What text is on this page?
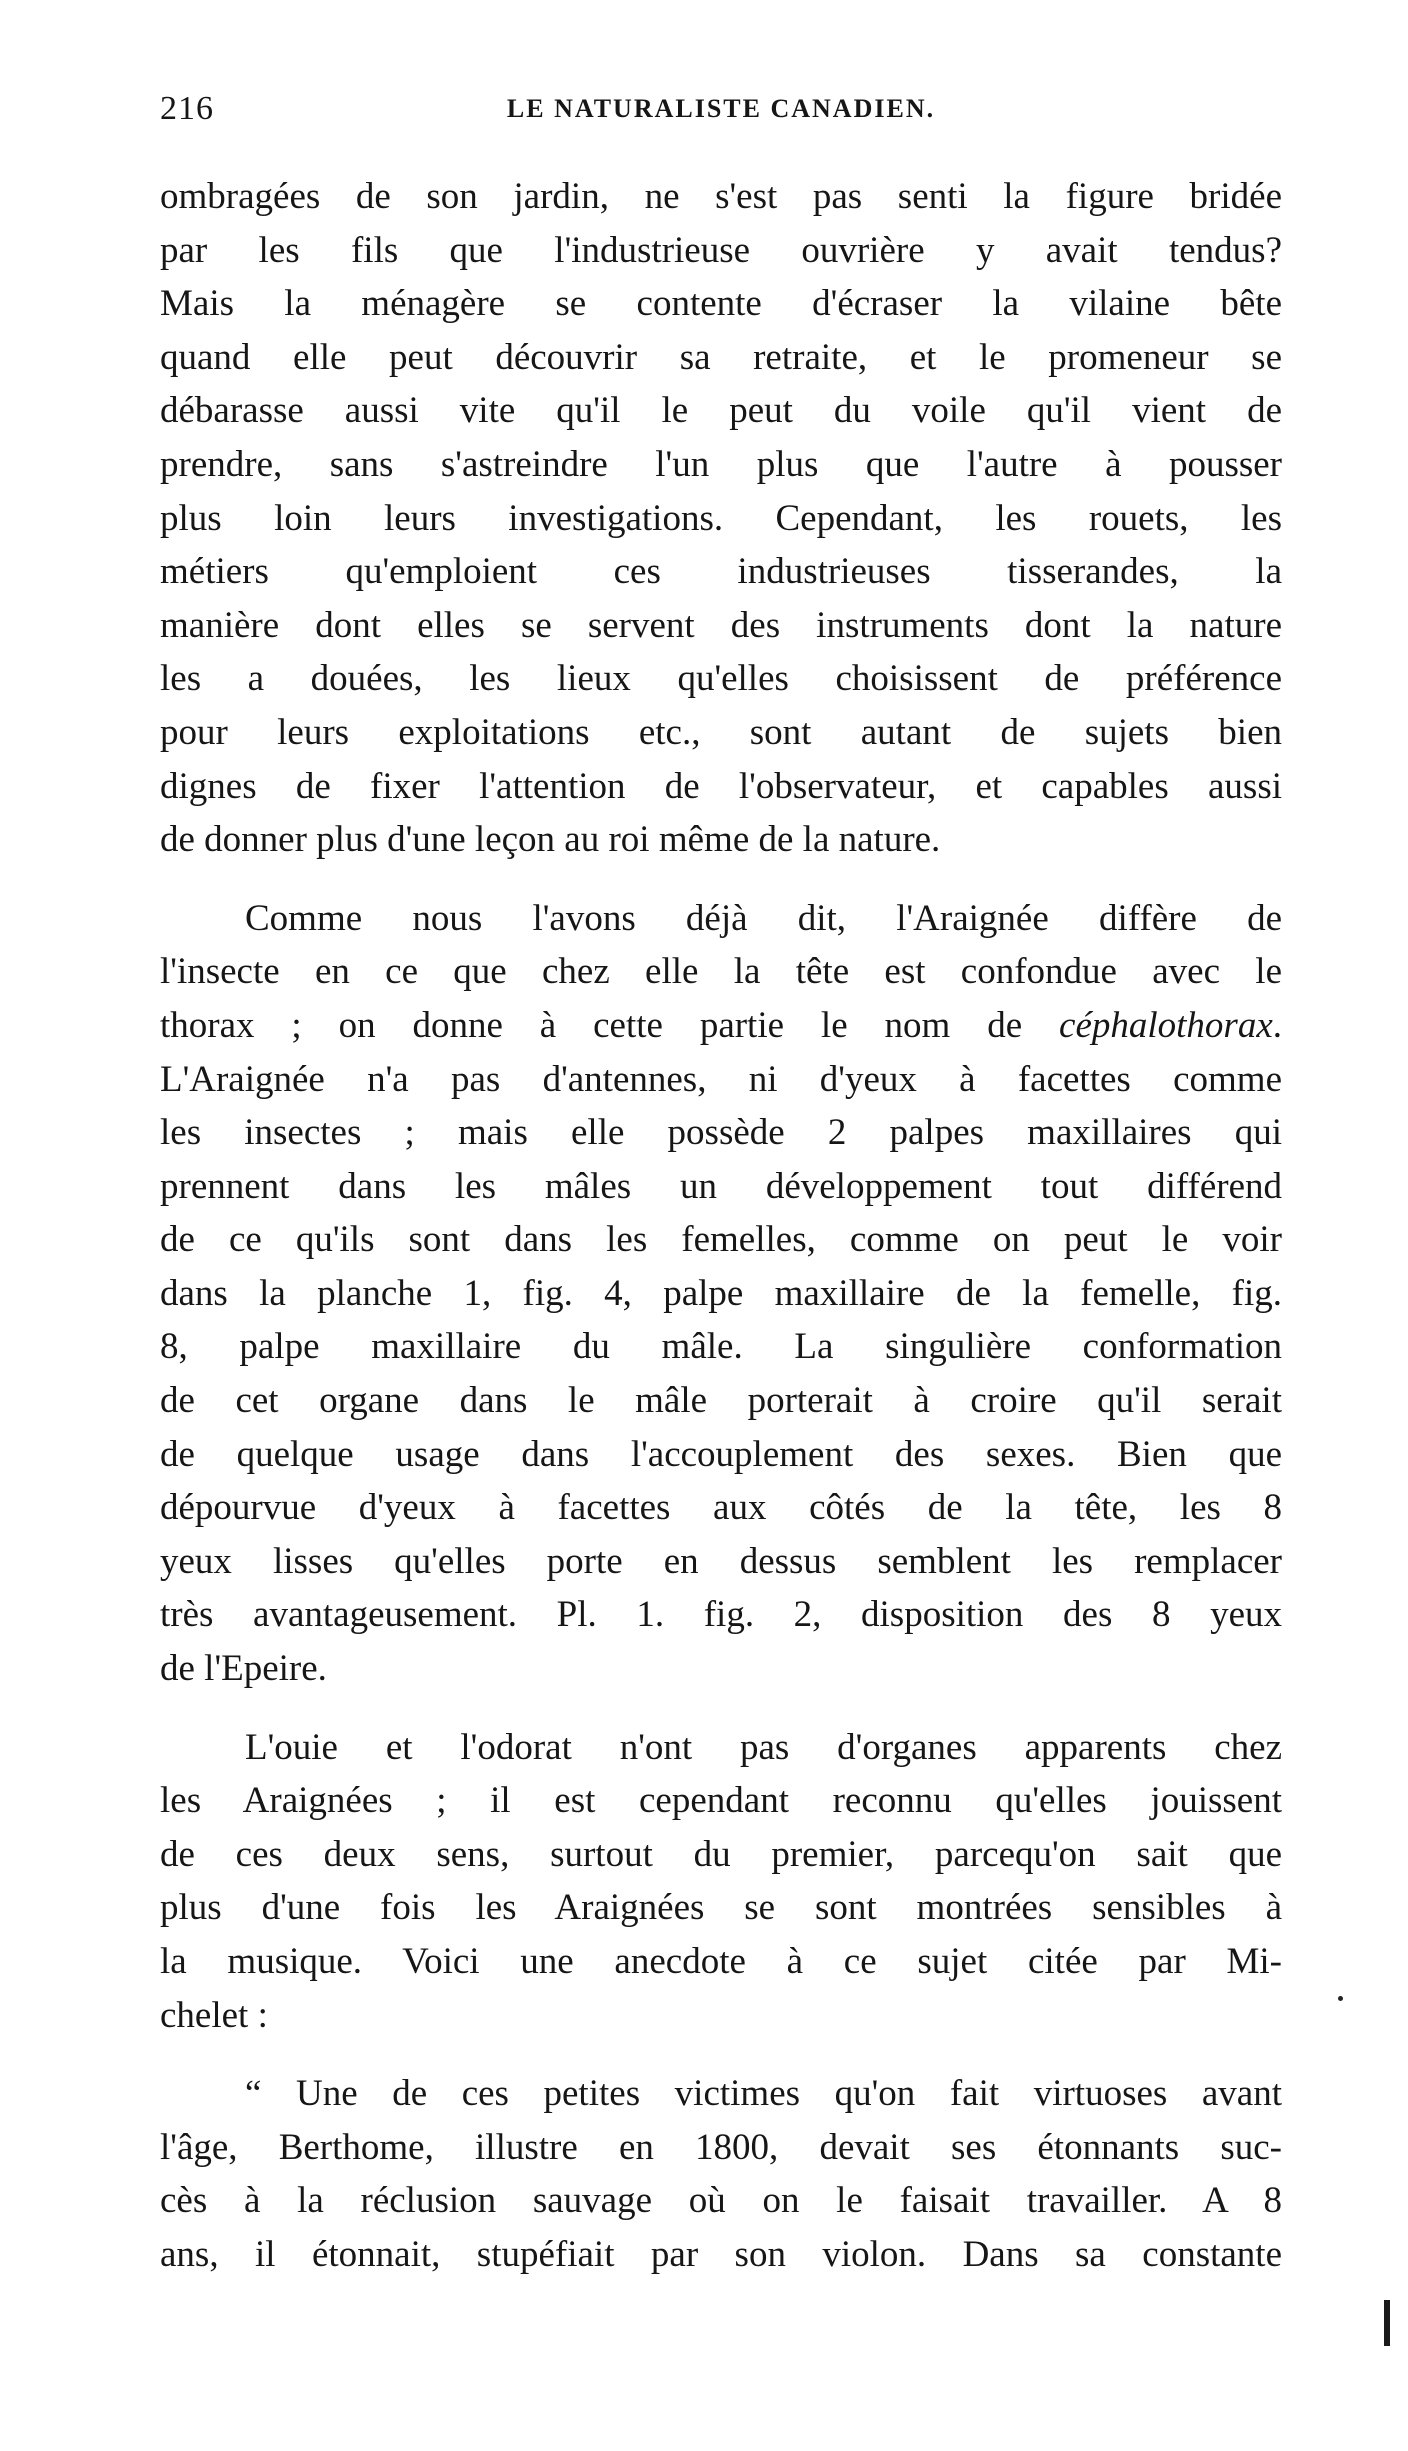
216	LE NATURALISTE CANADIEN.

ombragées de son jardin, ne s'est pas senti la figure bridée
par les fils que l'industrieuse ouvrière y avait tendus?
Mais la ménagère se contente d'écraser la vilaine bête
quand elle peut découvrir sa retraite, et le promeneur se
débarasse aussi vite qu'il le peut du voile qu'il vient de
prendre, sans s'astreindre l'un plus que l'autre à pousser
plus loin leurs investigations. Cependant, les rouets, les
métiers qu'emploient ces industrieuses tisserandes, la
manière dont elles se servent des instruments dont la nature
les a douées, les lieux qu'elles choisissent de préférence
pour leurs exploitations etc., sont autant de sujets bien
dignes de fixer l'attention de l'observateur, et capables aussi
de donner plus d'une leçon au roi même de la nature.

Comme nous l'avons déjà dit, l'Araignée diffère de
l'insecte en ce que chez elle la tête est confondue avec le
thorax ; on donne à cette partie le nom de céphalothorax.
L'Araignée n'a pas d'antennes, ni d'yeux à facettes comme
les insectes ; mais elle possède 2 palpes maxillaires qui
prennent dans les mâles un développement tout différend
de ce qu'ils sont dans les femelles, comme on peut le voir
dans la planche 1, fig. 4, palpe maxillaire de la femelle, fig.
8, palpe maxillaire du mâle. La singulière conformation
de cet organe dans le mâle porterait à croire qu'il serait
de quelque usage dans l'accouplement des sexes. Bien que
dépourvue d'yeux à facettes aux côtés de la tête, les 8
yeux lisses qu'elles porte en dessus semblent les remplacer
très avantageusement. Pl. 1. fig. 2, disposition des 8 yeux
de l'Epeire.

L'ouie et l'odorat n'ont pas d'organes apparents chez
les Araignées ; il est cependant reconnu qu'elles jouissent
de ces deux sens, surtout du premier, parcequ'on sait que
plus d'une fois les Araignées se sont montrées sensibles à
la musique. Voici une anecdote à ce sujet citée par Mi-
chelet :

“ Une de ces petites victimes qu'on fait virtuoses avant
l'âge, Berthome, illustre en 1800, devait ses étonnants suc-
cès à la réclusion sauvage où on le faisait travailler. A 8
ans, il étonnait, stupéfiait par son violon. Dans sa constante
